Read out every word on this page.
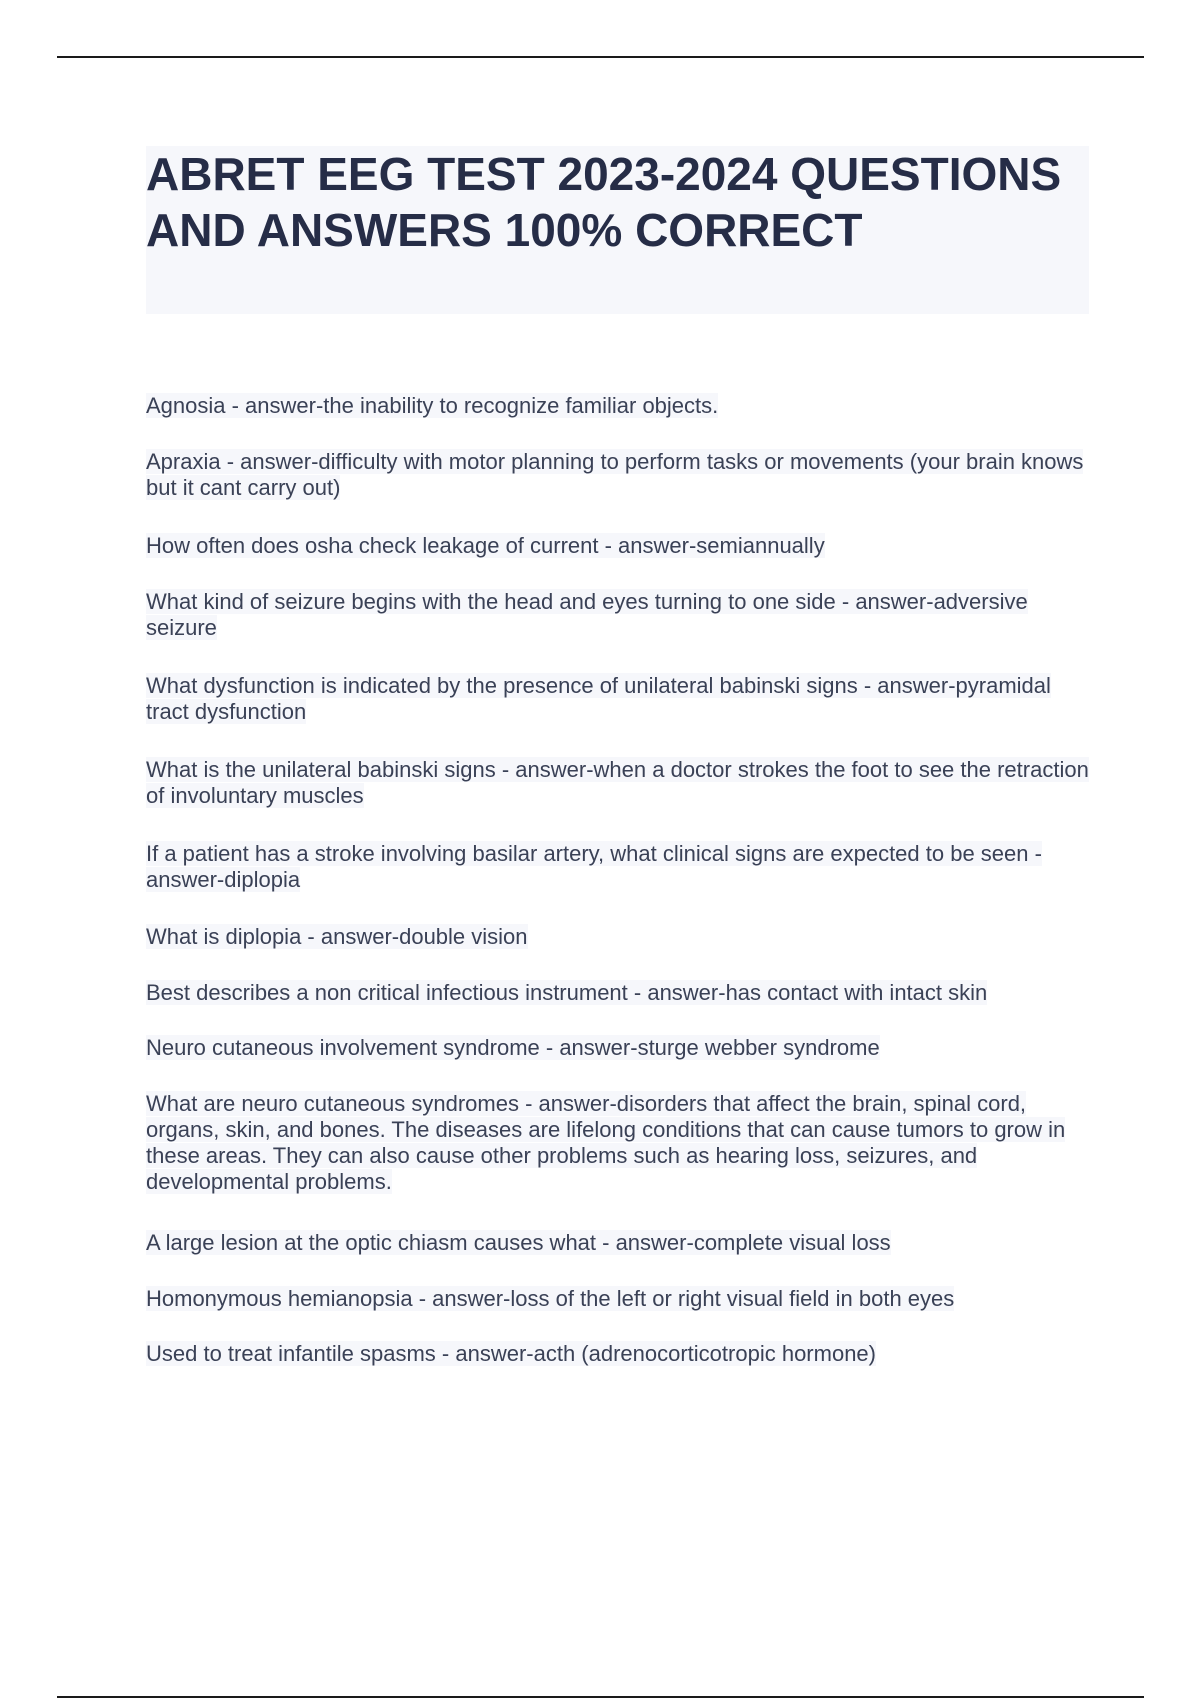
ABRET EEG TEST 2023-2024 QUESTIONS AND ANSWERS 100% CORRECT

Agnosia - answer-the inability to recognize familiar objects.

Apraxia - answer-difficulty with motor planning to perform tasks or movements (your brain knows but it cant carry out)

How often does osha check leakage of current - answer-semiannually

What kind of seizure begins with the head and eyes turning to one side - answer-adversive seizure

What dysfunction is indicated by the presence of unilateral babinski signs - answer-pyramidal tract dysfunction

What is the unilateral babinski signs - answer-when a doctor strokes the foot to see the retraction of involuntary muscles

If a patient has a stroke involving basilar artery, what clinical signs are expected to be seen - answer-diplopia

What is diplopia - answer-double vision

Best describes a non critical infectious instrument - answer-has contact with intact skin

Neuro cutaneous involvement syndrome - answer-sturge webber syndrome

What are neuro cutaneous syndromes - answer-disorders that affect the brain, spinal cord, organs, skin, and bones. The diseases are lifelong conditions that can cause tumors to grow in these areas. They can also cause other problems such as hearing loss, seizures, and developmental problems.

A large lesion at the optic chiasm causes what - answer-complete visual loss

Homonymous hemianopsia - answer-loss of the left or right visual field in both eyes

Used to treat infantile spasms - answer-acth (adrenocorticotropic hormone)
